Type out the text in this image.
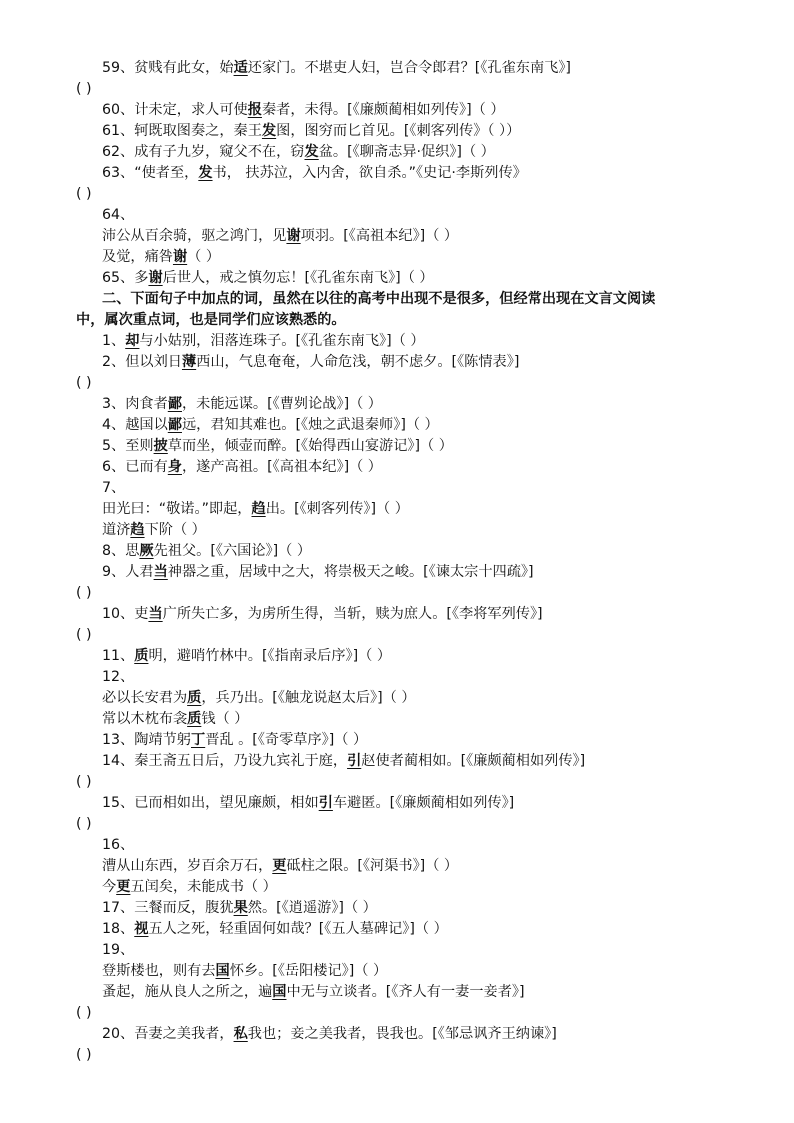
59、贫贱有此女，始适还家门。不堪吏人妇，岂合令郎君？[《孔雀东南飞》]
( )
60、计未定，求人可使报秦者，未得。[《廉颇蔺相如列传》]（ ）
61、轲既取图奏之，秦王发图，图穷而匕首见。[《刺客列传》（ ））
62、成有子九岁，窥父不在，窃发盆。[《聊斋志异·促织》]（ ）
63、“使者至，发书， 扶苏泣，入内舍，欲自杀。”《史记·李斯列传》
( )
64、
沛公从百余骑，驱之鸿门，见谢项羽。[《高祖本纪》]（ ）
及觉，痛咎谢（ ）
65、多谢后世人，戒之慎勿忘！[《孔雀东南飞》]（ ）
二、下面句子中加点的词，虽然在以往的高考中出现不是很多，但经常出现在文言文阅读
中，属次重点词，也是同学们应该熟悉的。
1、却与小姑别，泪落连珠子。[《孔雀东南飞》]（ ）
2、但以刘日薄西山，气息奄奄，人命危浅，朝不虑夕。[《陈情表》]
( )
3、肉食者鄙，未能远谋。[《曹刿论战》]（ ）
4、越国以鄙远，君知其难也。[《烛之武退秦师》]（ ）
5、至则披草而坐，倾壶而醉。[《始得西山宴游记》]（ ）
6、已而有身，遂产高祖。[《高祖本纪》]（ ）
7、
田光曰：“敬诺。”即起，趋出。[《刺客列传》]（ ）
道济趋下阶（ ）
8、思厥先祖父。[《六国论》]（ ）
9、人君当神器之重，居域中之大，将崇极天之峻。[《谏太宗十四疏》]
( )
10、吏当广所失亡多，为虏所生得，当斩，赎为庶人。[《李将军列传》]
( )
11、质明，避哨竹林中。[《指南录后序》]（ ）
12、
必以长安君为质，兵乃出。[《触龙说赵太后》]（ ）
常以木枕布衾质钱（ ）
13、陶靖节躬丁晋乱 。[《奇零草序》]（ ）
14、秦王斋五日后，乃设九宾礼于庭，引赵使者蔺相如。[《廉颇蔺相如列传》]
( )
15、已而相如出，望见廉颇，相如引车避匿。[《廉颇蔺相如列传》]
( )
16、
漕从山东西，岁百余万石，更砥柱之限。[《河渠书》]（ ）
今更五闰矣，未能成书（ ）
17、三餐而反，腹犹果然。[《逍遥游》]（ ）
18、视五人之死，轻重固何如哉？[《五人墓碑记》]（ ）
19、
登斯楼也，则有去国怀乡。[《岳阳楼记》]（ ）
蚤起，施从良人之所之，遍国中无与立谈者。[《齐人有一妻一妾者》]
( )
20、吾妻之美我者，私我也；妾之美我者，畏我也。[《邹忌讽齐王纳谏》]
( )
